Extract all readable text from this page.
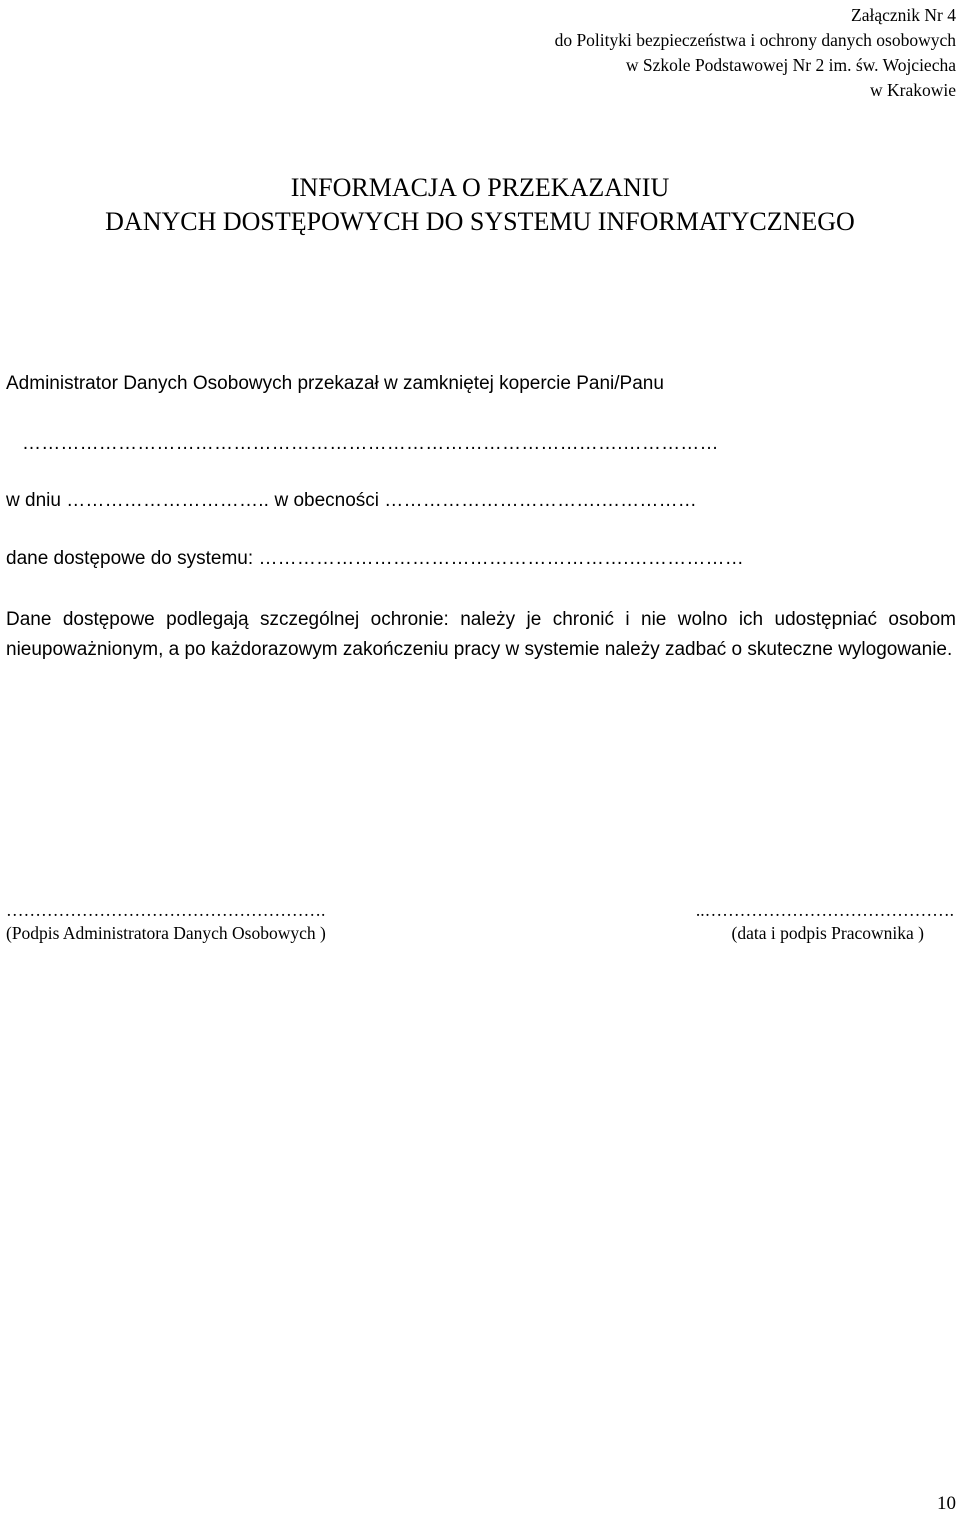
Załącznik Nr 4
do Polityki bezpieczeństwa i ochrony danych osobowych
w Szkole Podstawowej Nr 2 im. św. Wojciecha
w Krakowie
INFORMACJA O PRZEKAZANIU
DANYCH DOSTĘPOWYCH DO SYSTEMU INFORMATYCZNEGO
Administrator Danych Osobowych przekazał w zamkniętej kopercie Pani/Panu
………………………………………………………………………………….……………
w dniu ………………………….. w obecności …………………………….……………
dane dostępowe do systemu: ………………………………………………….………………
Dane dostępowe podlegają szczególnej ochronie: należy je chronić i nie wolno ich udostępniać osobom nieupoważnionym, a po każdorazowym zakończeniu pracy w systemie należy zadbać o skuteczne wylogowanie.
……………………………………………….
(Podpis Administratora Danych Osobowych )
..…………………………………….
(data i podpis Pracownika )
10
